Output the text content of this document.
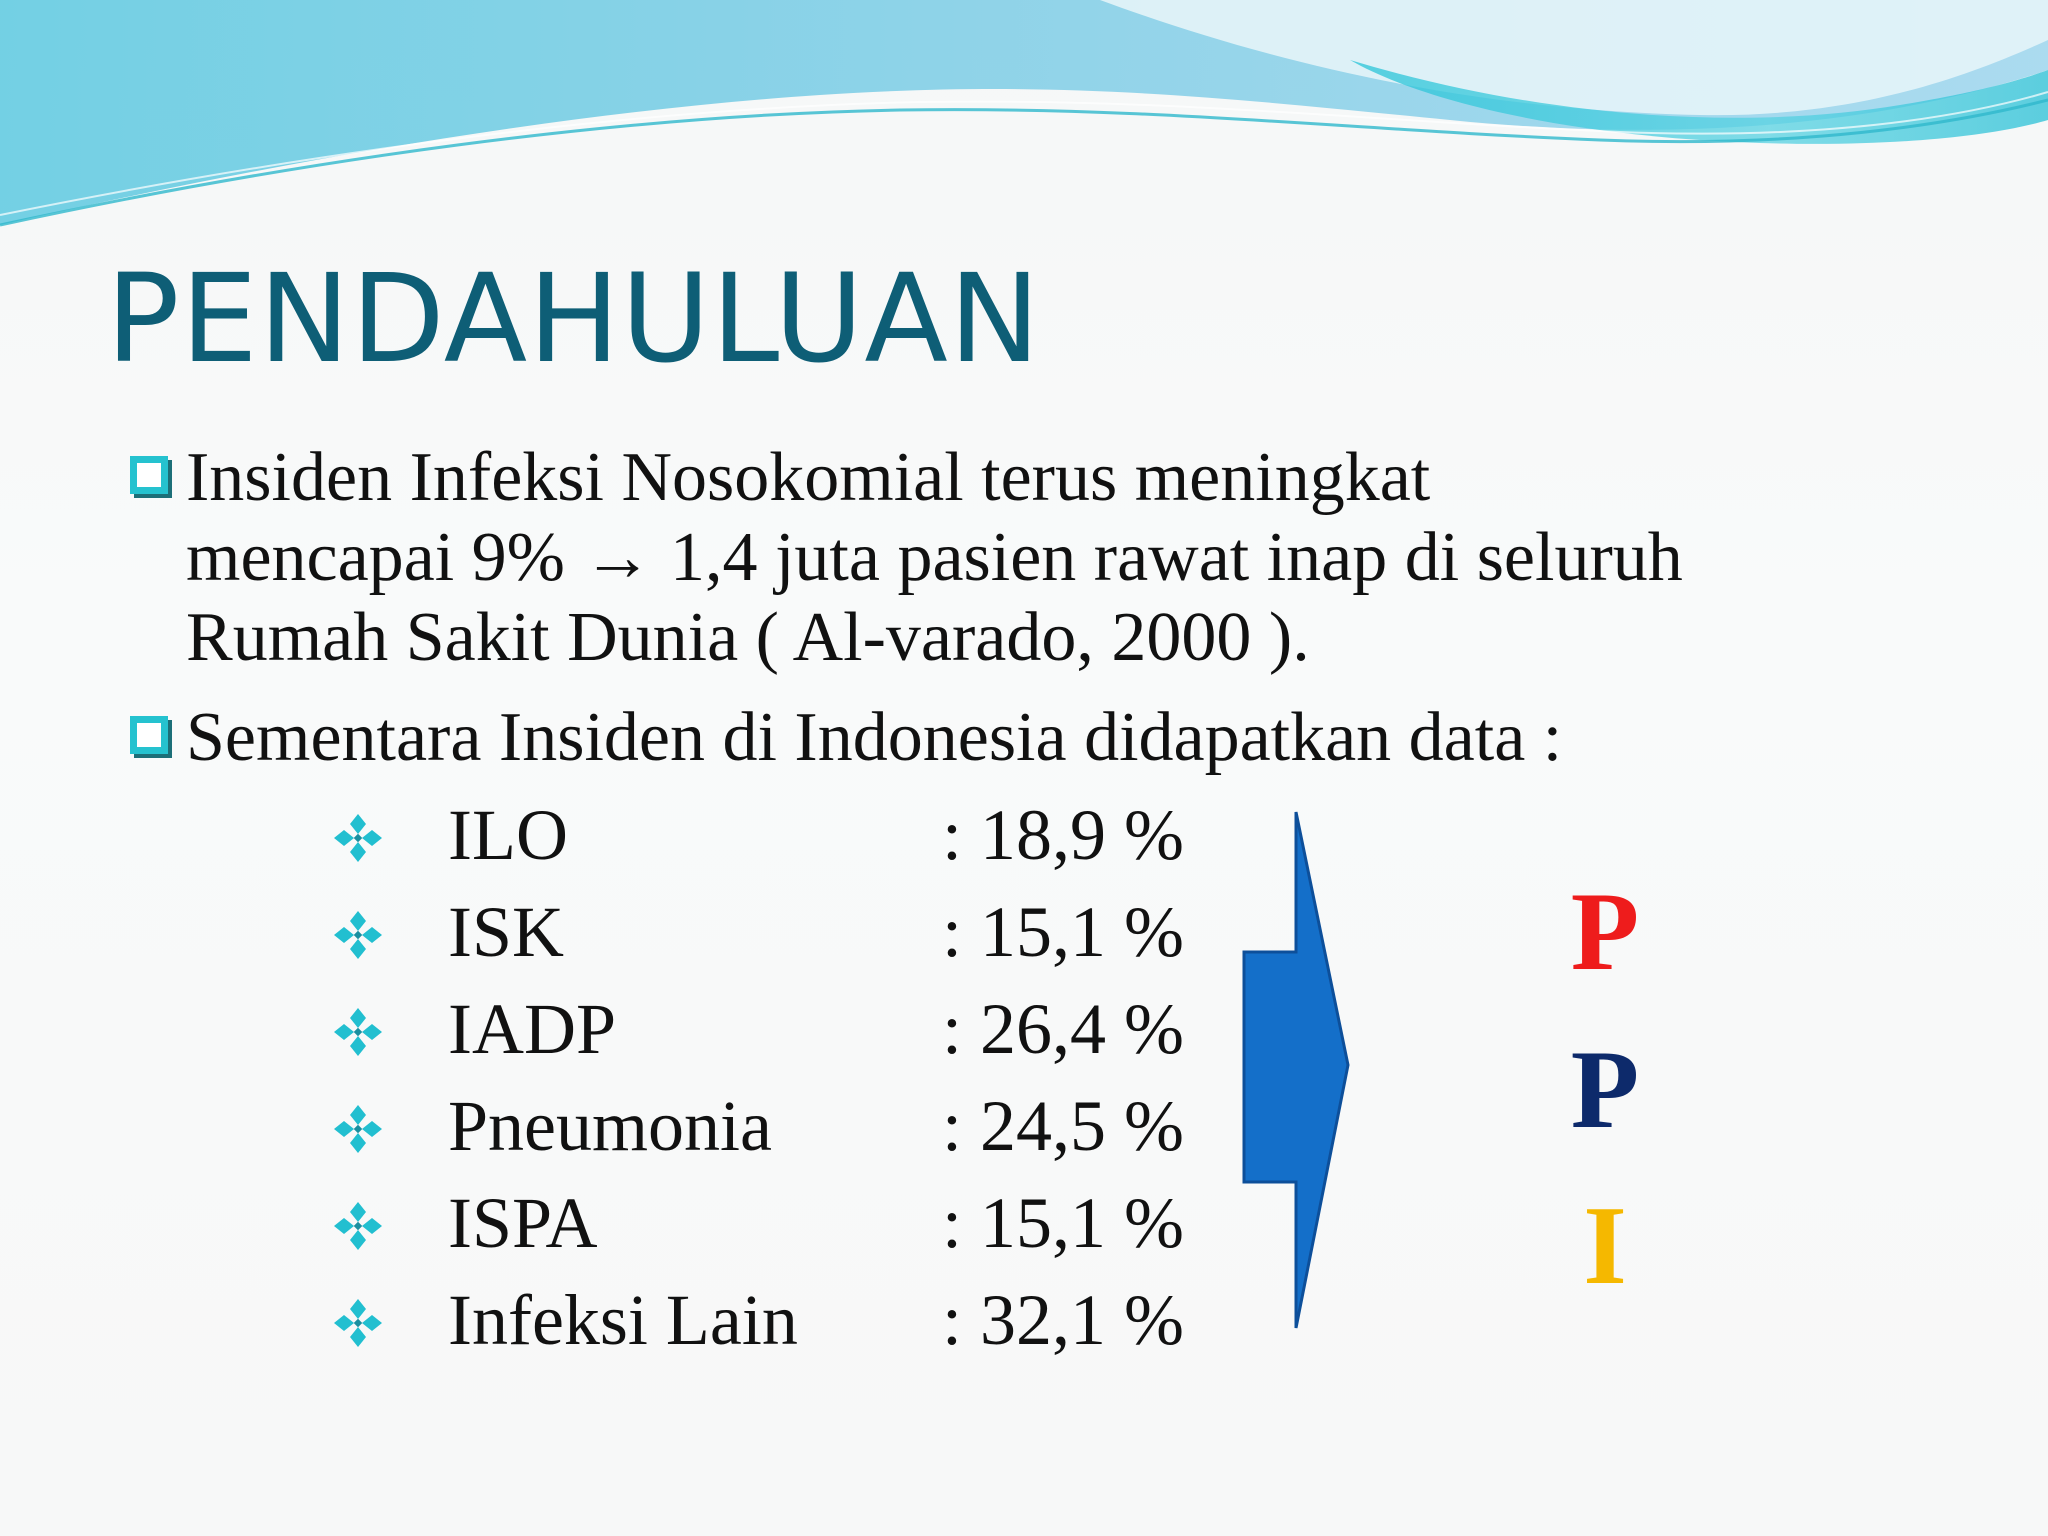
PENDAHULUAN
Insiden Infeksi Nosokomial terus meningkat
mencapai 9% → 1,4 juta pasien rawat inap di seluruh
Rumah Sakit Dunia ( Al-varado, 2000 ).
Sementara Insiden di Indonesia didapatkan data :
ILO	: 18,9 %
ISK	: 15,1 %
IADP	: 26,4 %
Pneumonia : 24,5 %
ISPA	: 15,1 %
Infeksi Lain : 32,1 %
P
P
I
